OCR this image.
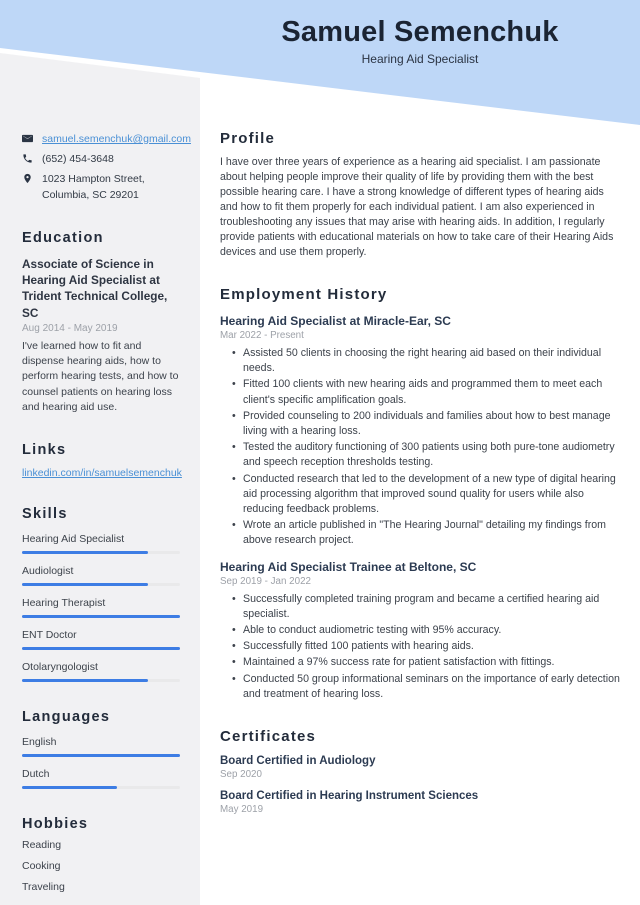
Samuel Semenchuk
Hearing Aid Specialist
samuel.semenchuk@gmail.com
(652) 454-3648
1023 Hampton Street,
Columbia, SC 29201
Education
Associate of Science in Hearing Aid Specialist at Trident Technical College, SC
Aug 2014 - May 2019
I've learned how to fit and dispense hearing aids, how to perform hearing tests, and how to counsel patients on hearing loss and hearing aid use.
Links
linkedin.com/in/samuelsemenchuk
Skills
Hearing Aid Specialist
Audiologist
Hearing Therapist
ENT Doctor
Otolaryngologist
Languages
English
Dutch
Hobbies
Reading
Cooking
Traveling
Profile
I have over three years of experience as a hearing aid specialist. I am passionate about helping people improve their quality of life by providing them with the best possible hearing care. I have a strong knowledge of different types of hearing aids and how to fit them properly for each individual patient. I am also experienced in troubleshooting any issues that may arise with hearing aids. In addition, I regularly provide patients with educational materials on how to take care of their Hearing Aids devices and use them properly.
Employment History
Hearing Aid Specialist at Miracle-Ear, SC
Mar 2022 - Present
• Assisted 50 clients in choosing the right hearing aid based on their individual needs.
• Fitted 100 clients with new hearing aids and programmed them to meet each client's specific amplification goals.
• Provided counseling to 200 individuals and families about how to best manage living with a hearing loss.
• Tested the auditory functioning of 300 patients using both pure-tone audiometry and speech reception thresholds testing.
• Conducted research that led to the development of a new type of digital hearing aid processing algorithm that improved sound quality for users while also reducing feedback problems.
• Wrote an article published in "The Hearing Journal" detailing my findings from above research project.
Hearing Aid Specialist Trainee at Beltone, SC
Sep 2019 - Jan 2022
• Successfully completed training program and became a certified hearing aid specialist.
• Able to conduct audiometric testing with 95% accuracy.
• Successfully fitted 100 patients with hearing aids.
• Maintained a 97% success rate for patient satisfaction with fittings.
• Conducted 50 group informational seminars on the importance of early detection and treatment of hearing loss.
Certificates
Board Certified in Audiology
Sep 2020
Board Certified in Hearing Instrument Sciences
May 2019
